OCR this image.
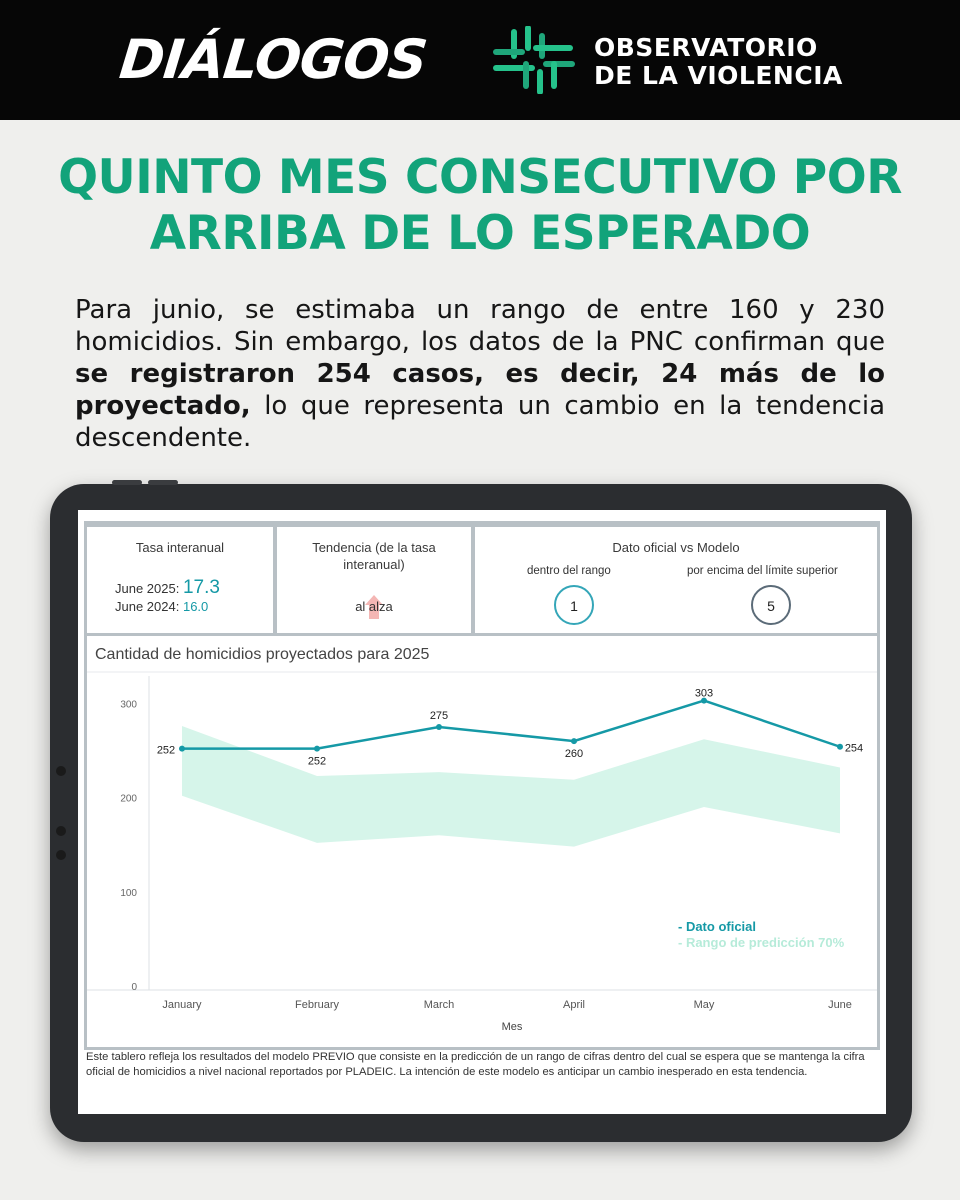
DIÁLOGOS	OBSERVATORIO
DE LA VIOLENCIA
QUINTO MES CONSECUTIVO POR
ARRIBA DE LO ESPERADO
Para junio, se estimaba un rango de entre 160 y 230 homicidios. Sin embargo, los datos de la PNC confirman que se registraron 254 casos, es decir, 24 más de lo proyectado, lo que representa un cambio en la tendencia descendente.
Tasa interanual
June 2025: 17.3
June 2024: 16.0
Tendencia (de la tasa interanual)
al alza
Dato oficial vs Modelo
dentro del rango	por encima del límite superior
1	5
Cantidad de homicidios proyectados para 2025
0
100
200
300
252
252
275
260
303
254
January	February	March	April	May	June
Mes
- Dato oficial
- Rango de predicción 70%
Este tablero refleja los resultados del modelo PREVIO que consiste en la predicción de un rango de cifras dentro del cual se espera que se mantenga la cifra oficial de homicidios a nivel nacional reportados por PLADEIC. La intención de este modelo es anticipar un cambio inesperado en esta tendencia.
